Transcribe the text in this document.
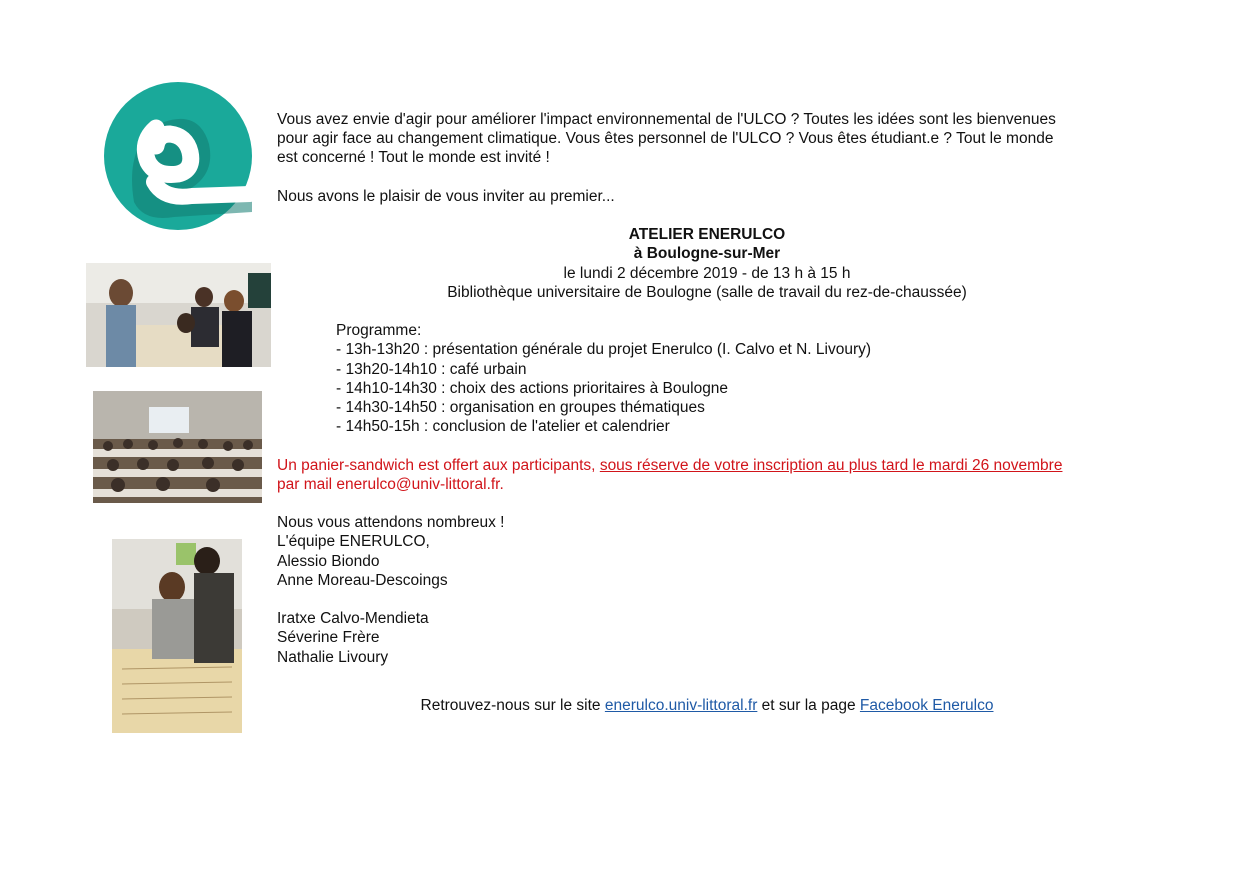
Vous avez envie d'agir pour améliorer l'impact environnemental de l'ULCO ? Toutes les idées sont les bienvenues

pour agir face au changement climatique. Vous êtes personnel de l'ULCO ? Vous êtes étudiant.e ? Tout le monde

est concerné ! Tout le monde est invité !

Nous avons le plaisir de vous inviter au premier...

ATELIER ENERULCO

à Boulogne-sur-Mer

le lundi 2 décembre 2019 - de 13 h à 15 h

Bibliothèque universitaire de Boulogne (salle de travail du rez-de-chaussée)

Programme:

- 13h-13h20 : présentation générale du projet Enerulco (I. Calvo et N. Livoury)

- 13h20-14h10 : café urbain

- 14h10-14h30 : choix des actions prioritaires à Boulogne

- 14h30-14h50 : organisation en groupes thématiques

- 14h50-15h : conclusion de l'atelier et calendrier

Un panier-sandwich est offert aux participants, sous réserve de votre inscription au plus tard le mardi 26 novembre

par mail enerulco@univ-littoral.fr.

Nous vous attendons nombreux !

L'équipe ENERULCO,

Alessio Biondo

Anne Moreau-Descoings

Iratxe Calvo-Mendieta

Séverine Frère

Nathalie Livoury

Retrouvez-nous sur le site enerulco.univ-littoral.fr et sur la page Facebook Enerulco
